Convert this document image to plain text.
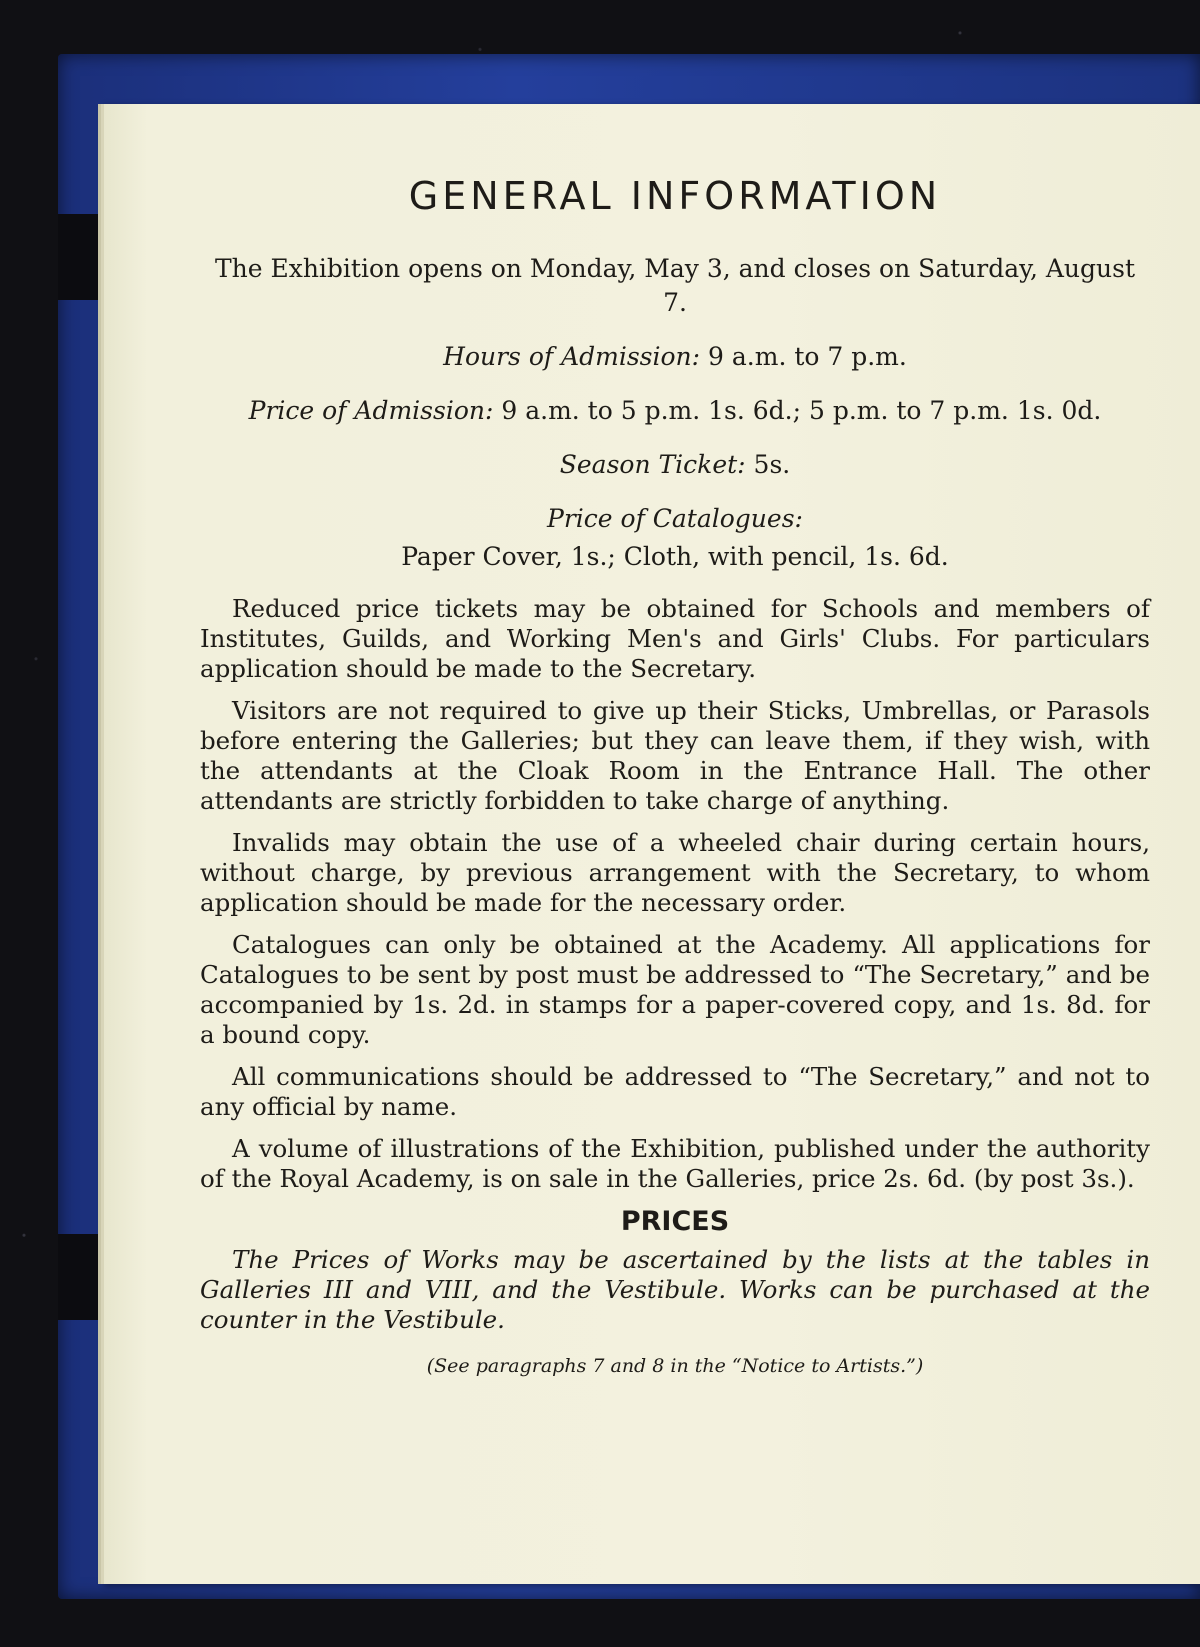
GENERAL INFORMATION

The Exhibition opens on Monday, May 3, and closes on Saturday, August 7.

Hours of Admission: 9 a.m. to 7 p.m.

Price of Admission: 9 a.m. to 5 p.m. 1s. 6d.; 5 p.m. to 7 p.m. 1s. 0d.

Season Ticket: 5s.

Price of Catalogues:

Paper Cover, 1s.; Cloth, with pencil, 1s. 6d.

Reduced price tickets may be obtained for Schools and members of Institutes, Guilds, and Working Men's and Girls' Clubs. For particulars application should be made to the Secretary.

Visitors are not required to give up their Sticks, Umbrellas, or Parasols before entering the Galleries; but they can leave them, if they wish, with the attendants at the Cloak Room in the Entrance Hall. The other attendants are strictly forbidden to take charge of anything.

Invalids may obtain the use of a wheeled chair during certain hours, without charge, by previous arrangement with the Secretary, to whom application should be made for the necessary order.

Catalogues can only be obtained at the Academy. All applications for Catalogues to be sent by post must be addressed to “The Secretary,” and be accompanied by 1s. 2d. in stamps for a paper-covered copy, and 1s. 8d. for a bound copy.

All communications should be addressed to “The Secretary,” and not to any official by name.

A volume of illustrations of the Exhibition, published under the authority of the Royal Academy, is on sale in the Galleries, price 2s. 6d. (by post 3s.).

PRICES

The Prices of Works may be ascertained by the lists at the tables in Galleries III and VIII, and the Vestibule. Works can be purchased at the counter in the Vestibule.

(See paragraphs 7 and 8 in the “Notice to Artists.”)
